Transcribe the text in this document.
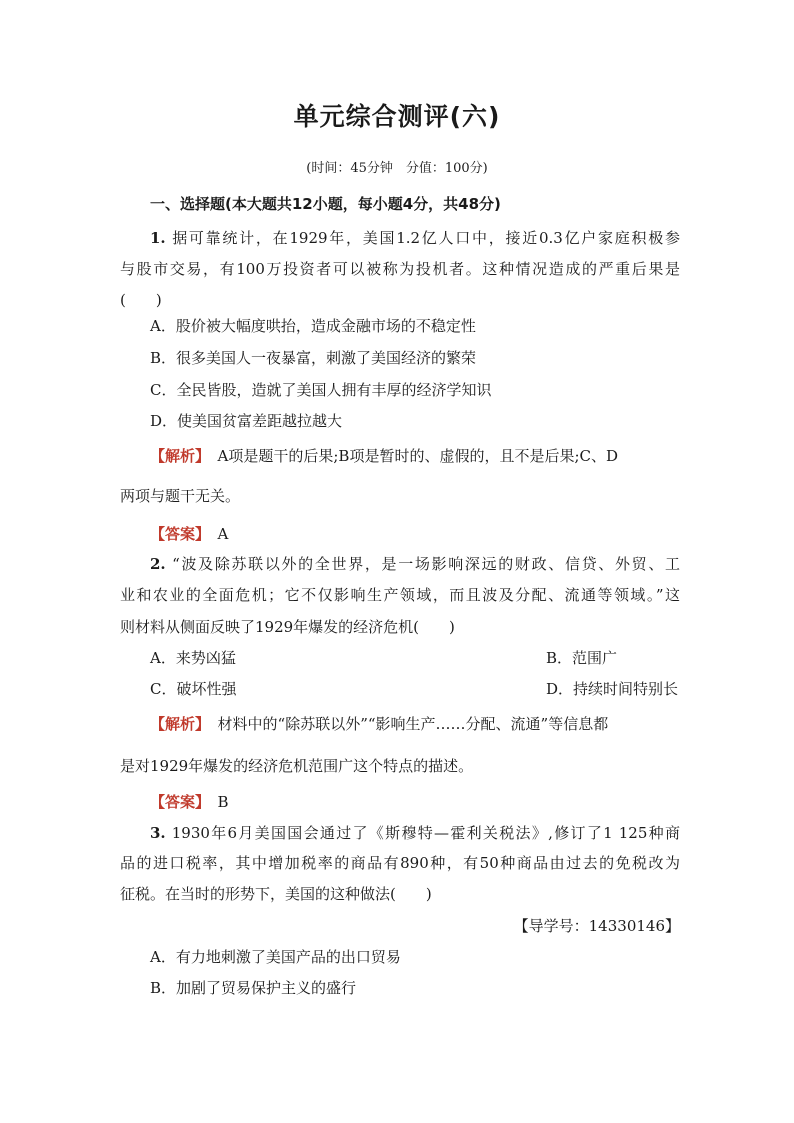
单元综合测评(六)
(时间：45分钟　分值：100分)
一、选择题(本大题共12小题，每小题4分，共48分)
1. 据可靠统计，在1929年，美国1.2亿人口中，接近0.3亿户家庭积极参
与股市交易，有100万投资者可以被称为投机者。这种情况造成的严重后果是
(　　)
A．股价被大幅度哄抬，造成金融市场的不稳定性
B．很多美国人一夜暴富，刺激了美国经济的繁荣
C．全民皆股，造就了美国人拥有丰厚的经济学知识
D．使美国贫富差距越拉越大
【解析】　 A项是题干的后果;B项是暂时的、虚假的，且不是后果;C、D
两项与题干无关。
【答案】　 A
2. “波及除苏联以外的全世界，是一场影响深远的财政、信贷、外贸、工
业和农业的全面危机；它不仅影响生产领域，而且波及分配、流通等领域。”这
则材料从侧面反映了1929年爆发的经济危机(　　)
A．来势凶猛	B．范围广
C．破坏性强	D．持续时间特别长
【解析】　 材料中的“除苏联以外”“影响生产……分配、流通”等信息都
是对1929年爆发的经济危机范围广这个特点的描述。
【答案】　 B
3. 1930年6月美国国会通过了《斯穆特—霍利关税法》,修订了1 125种商
品的进口税率，其中增加税率的商品有890种，有50种商品由过去的免税改为
征税。在当时的形势下，美国的这种做法(　　)
【导学号：14330146】
A．有力地刺激了美国产品的出口贸易
B．加剧了贸易保护主义的盛行
